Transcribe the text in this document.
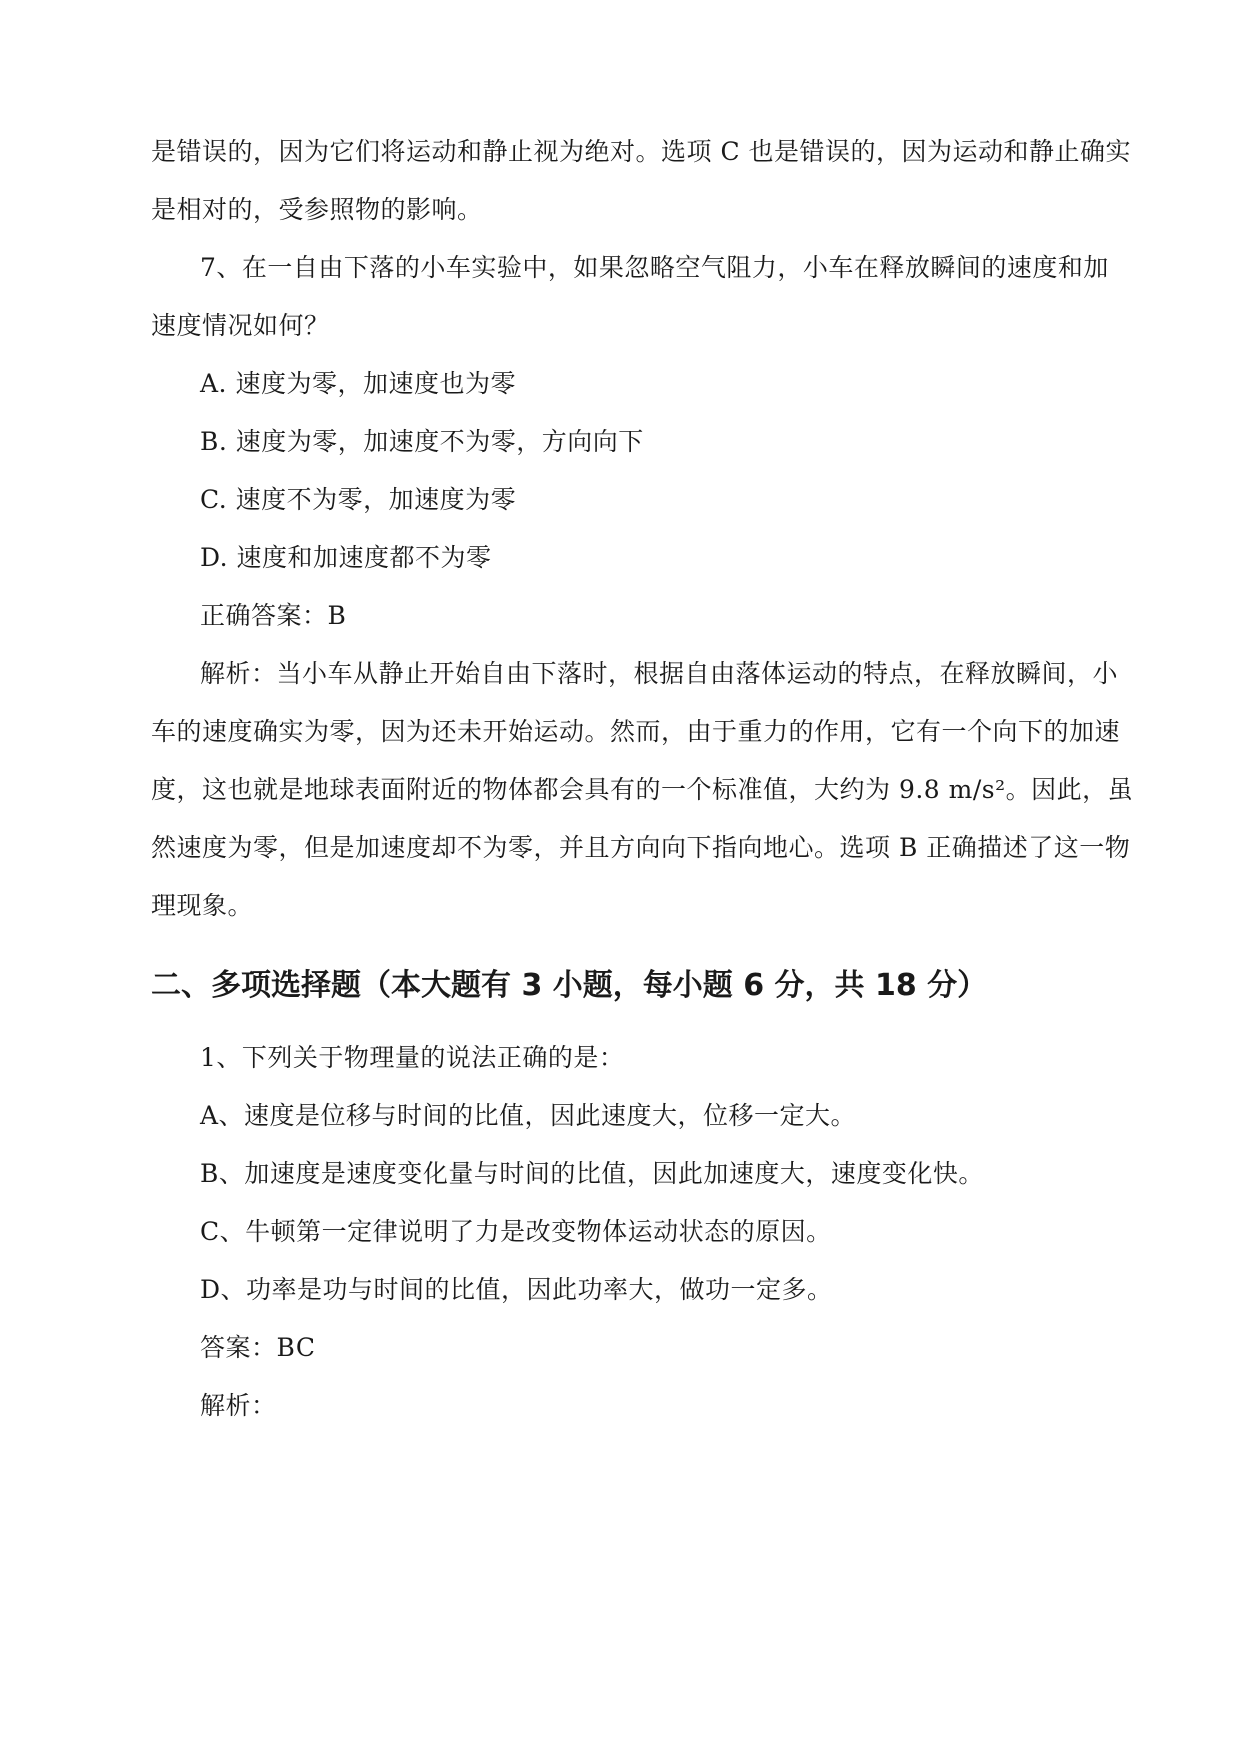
是错误的，因为它们将运动和静止视为绝对。选项 C 也是错误的，因为运动和静止确实
是相对的，受参照物的影响。
7、在一自由下落的小车实验中，如果忽略空气阻力，小车在释放瞬间的速度和加
速度情况如何？
A. 速度为零，加速度也为零
B. 速度为零，加速度不为零，方向向下
C. 速度不为零，加速度为零
D. 速度和加速度都不为零
正确答案：B
解析：当小车从静止开始自由下落时，根据自由落体运动的特点，在释放瞬间，小
车的速度确实为零，因为还未开始运动。然而，由于重力的作用，它有一个向下的加速
度，这也就是地球表面附近的物体都会具有的一个标准值，大约为 9.8 m/s²。因此，虽
然速度为零，但是加速度却不为零，并且方向向下指向地心。选项 B 正确描述了这一物
理现象。
二、多项选择题（本大题有 3 小题，每小题 6 分，共 18 分）
1、下列关于物理量的说法正确的是：
A、速度是位移与时间的比值，因此速度大，位移一定大。
B、加速度是速度变化量与时间的比值，因此加速度大，速度变化快。
C、牛顿第一定律说明了力是改变物体运动状态的原因。
D、功率是功与时间的比值，因此功率大，做功一定多。
答案：BC
解析：
